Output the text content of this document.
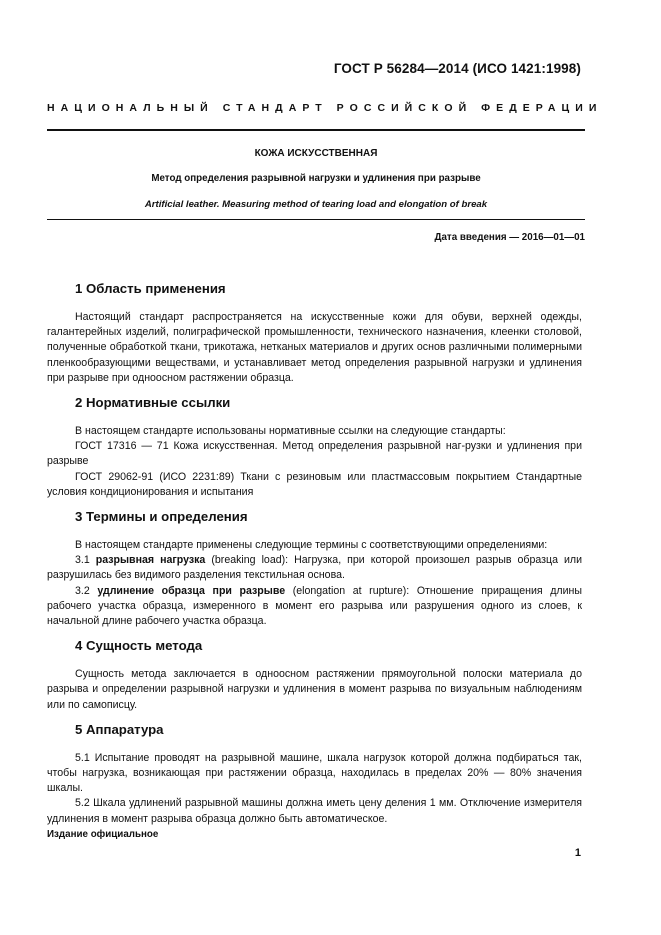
ГОСТ Р 56284—2014 (ИСО 1421:1998)
НАЦИОНАЛЬНЫЙ СТАНДАРТ РОССИЙСКОЙ ФЕДЕРАЦИИ
КОЖА ИСКУССТВЕННАЯ
Метод определения разрывной нагрузки и удлинения при разрыве
Artificial leather. Measuring method of tearing load and elongation of break
Дата введения — 2016—01—01
1 Область применения

Настоящий стандарт распространяется на искусственные кожи для обуви, верхней одежды, галантерейных изделий, полиграфической промышленности, технического назначения, клеенки столовой, полученные обработкой ткани, трикотажа, нетканых материалов и других основ различными полимерными пленкообразующими веществами, и устанавливает метод определения разрывной нагрузки и удлинения при разрыве при одноосном растяжении образца.

2 Нормативные ссылки

В настоящем стандарте использованы нормативные ссылки на следующие стандарты:

ГОСТ 17316 — 71 Кожа искусственная. Метод определения разрывной наг-рузки и удлинения при разрыве

ГОСТ 29062-91 (ИСО 2231:89) Ткани с резиновым или пластмассовым покрытием Стандартные условия кондиционирования и испытания

3 Термины и определения

В настоящем стандарте применены следующие термины с соответствующими определениями:

3.1 разрывная нагрузка (breaking load): Нагрузка, при которой произошел разрыв образца или разрушилась без видимого разделения текстильная основа.

3.2 удлинение образца при разрыве (elongation at rupture): Отношение приращения длины рабочего участка образца, измеренного в момент его разрыва или разрушения одного из слоев, к начальной длине рабочего участка образца.

4 Сущность метода

Сущность метода заключается в одноосном растяжении прямоугольной полоски материала до разрыва и определении разрывной нагрузки и удлинения в момент разрыва по визуальным наблюдениям или по самописцу.

5 Аппаратура

5.1 Испытание проводят на разрывной машине, шкала нагрузок которой должна подбираться так, чтобы нагрузка, возникающая при растяжении образца, находилась в пределах 20% — 80% значения шкалы.

5.2 Шкала удлинений разрывной машины должна иметь цену деления 1 мм. Отключение измерителя удлинения в момент разрыва образца должно быть автоматическое.

Издание официальное
1
